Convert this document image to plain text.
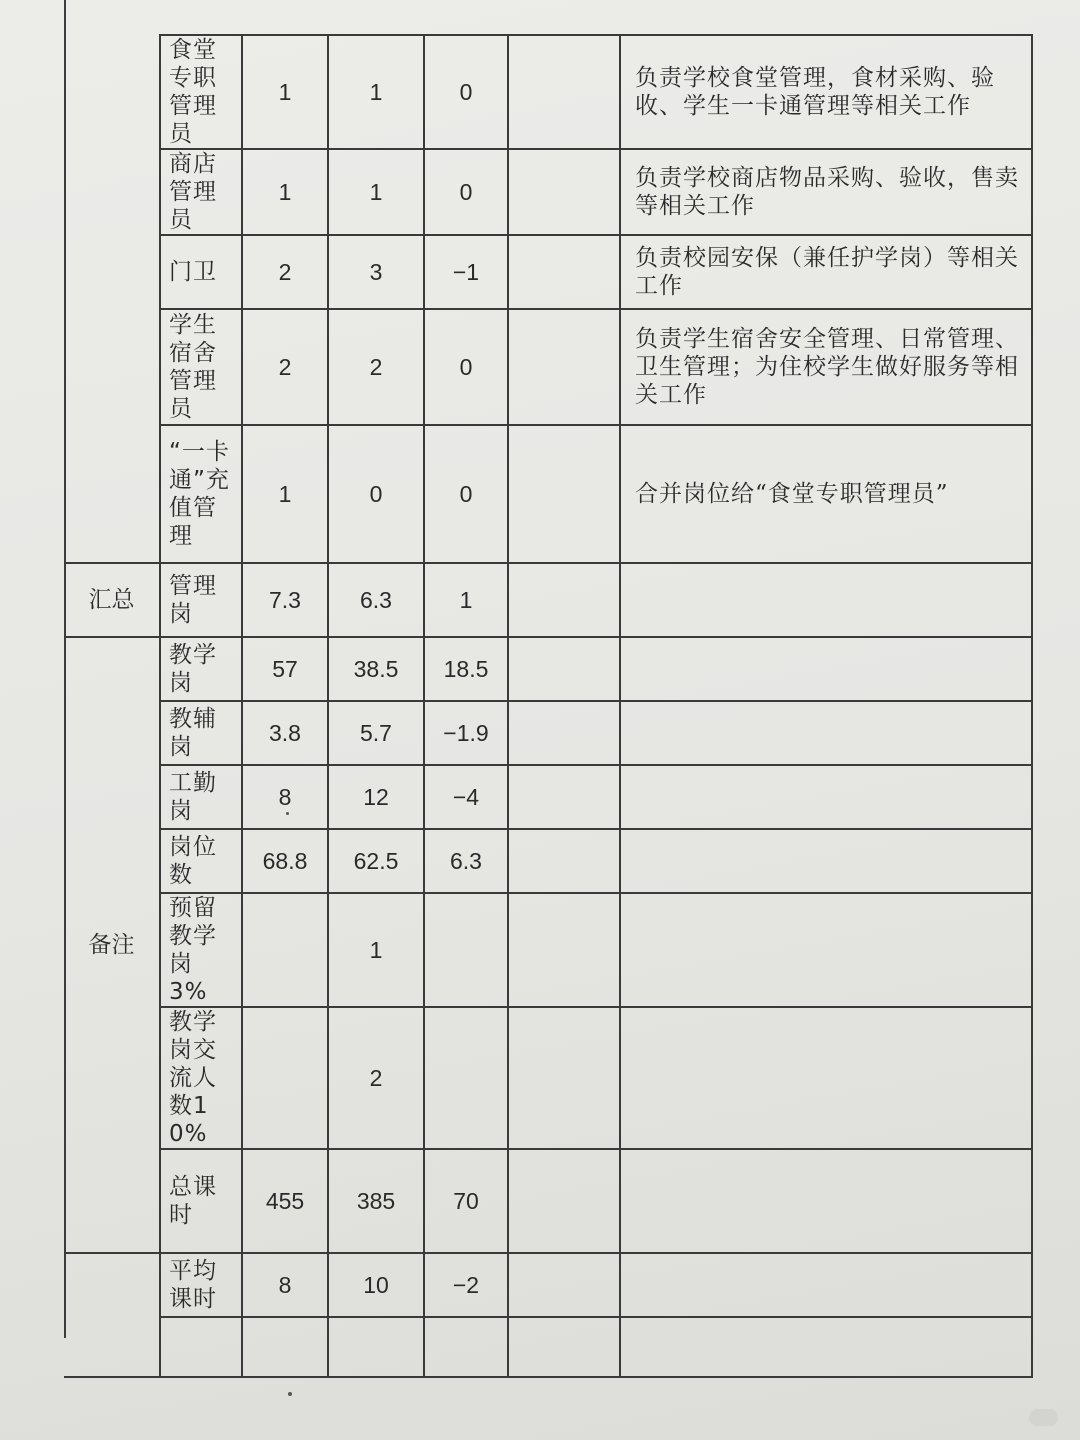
	食堂专职管理员	1	1	0		负责学校食堂管理，食材采购、验收、学生一卡通管理等相关工作
	商店管理员	1	1	0		负责学校商店物品采购、验收，售卖等相关工作
	门卫	2	3	−1		负责校园安保（兼任护学岗）等相关工作
	学生宿舍管理员	2	2	0		负责学生宿舍安全管理、日常管理、卫生管理；为住校学生做好服务等相关工作
	“一卡通”充值管理	1	0	0		合并岗位给“食堂专职管理员”
汇总	管理岗	7.3	6.3	1		
备注	教学岗	57	38.5	18.5		
	教辅岗	3.8	5.7	−1.9		
	工勤岗	8	12	−4		
	岗位数	68.8	62.5	6.3		
	预留教学岗 3%		1			
	教学岗交流人数10%		2			
	总课时	455	385	70		
	平均课时	8	10	−2		
